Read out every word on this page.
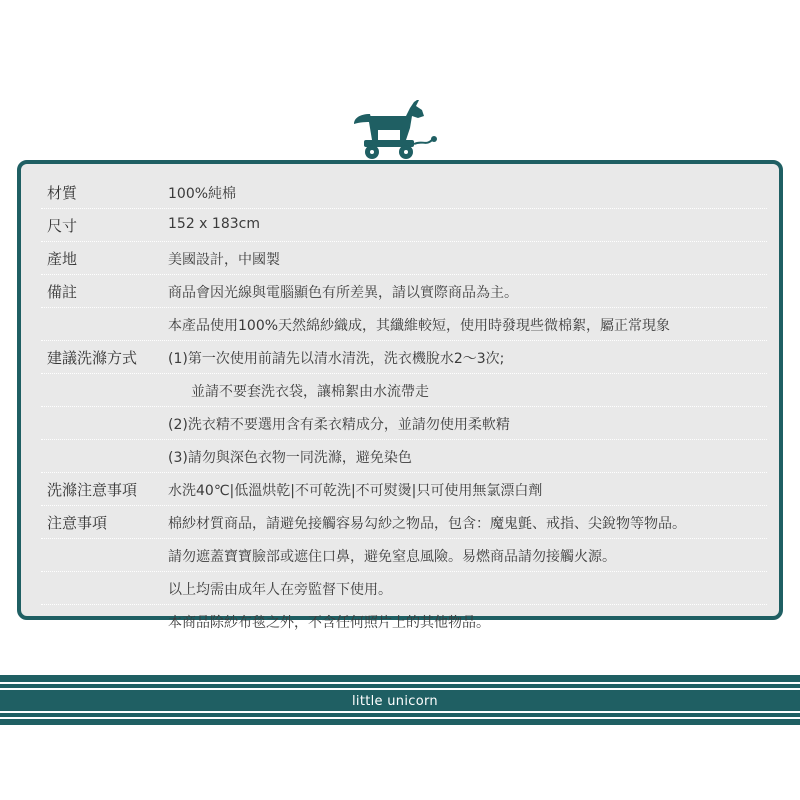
材質	100%純棉
尺寸	152 x 183cm
產地	美國設計，中國製
備註	商品會因光線與電腦顯色有所差異，請以實際商品為主。
本產品使用100%天然綿紗織成，其纖維較短，使用時發現些微棉絮，屬正常現象
建議洗滌方式 (1)第一次使用前請先以清水清洗，洗衣機脫水2～3次;
並請不要套洗衣袋，讓棉絮由水流帶走
(2)洗衣精不要選用含有柔衣精成分，並請勿使用柔軟精
(3)請勿與深色衣物一同洗滌，避免染色
洗滌注意事項 水洗40℃|低溫烘乾|不可乾洗|不可熨燙|只可使用無氯漂白劑
注意事項	棉紗材質商品，請避免接觸容易勾紗之物品，包含：魔鬼氈、戒指、尖銳物等物品。
請勿遮蓋寶寶臉部或遮住口鼻，避免窒息風險。易燃商品請勿接觸火源。
以上均需由成年人在旁監督下使用。
本商品除紗布毯之外，不含任何照片上的其他物品。
little unicorn
